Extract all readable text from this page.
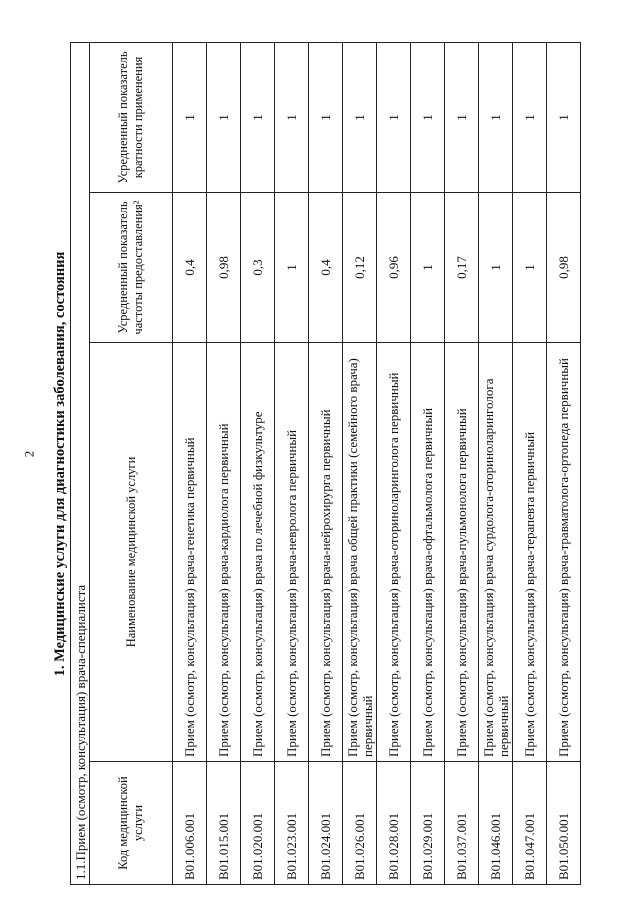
2 1. Медицинские услуги для диагностики заболевания, состояния
1.1.Прием (осмотр, консультация) врача-специалиста			
Код медицинской услуги	Наименование медицинской услуги	Усредненный показатель частоты предоставления²	Усредненный показатель кратности применения
B01.006.001	Прием (осмотр, консультация) врача-генетика первичный	0,4	1
B01.015.001	Прием (осмотр, консультация) врача-кардиолога первичный	0,98	1
B01.020.001	Прием (осмотр, консультация) врача по лечебной физкультуре	0,3	1
B01.023.001	Прием (осмотр, консультация) врача-невролога первичный	1	1
B01.024.001	Прием (осмотр, консультация) врача-нейрохирурга первичный	0,4	1
B01.026.001	Прием (осмотр, консультация) врача общей практики (семейного врача) первичный	0,12	1
B01.028.001	Прием (осмотр, консультация) врача-оториноларинголога первичный	0,96	1
B01.029.001	Прием (осмотр, консультация) врача-офтальмолога первичный	1	1
B01.037.001	Прием (осмотр, консультация) врача-пульмонолога первичный	0,17	1
B01.046.001	Прием (осмотр, консультация) врача сурдолога-оториноларинголога первичный	1	1
B01.047.001	Прием (осмотр, консультация) врача-терапевта первичный	1	1
B01.050.001	Прием (осмотр, консультация) врача-травматолога-ортопеда первичный	0,98	1
